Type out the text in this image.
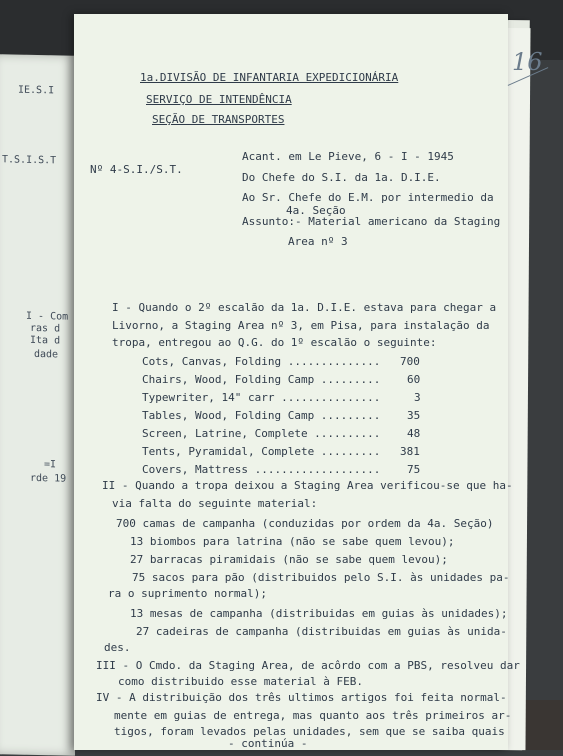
IE.S.I
T.S.I.S.T
I - Com
ras d
Ita d
dade
=I
rde 19
16
1a.DIVISÃO DE INFANTARIA EXPEDICIONÁRIA
SERVIÇO DE INTENDÊNCIA
SEÇÃO DE TRANSPORTES
Nº 4-S.I./S.T.
Acant. em Le Pieve, 6 - I - 1945
Do Chefe do S.I. da 1a. D.I.E.
Ao Sr. Chefe do E.M. por intermedio da
4a. Seção
Assunto:- Material americano da Staging
Area nº 3
I - Quando o 2º escalão da 1a. D.I.E. estava para chegar a
Livorno, a Staging Area nº 3, em Pisa, para instalação da
tropa, entregou ao Q.G. do 1º escalão o seguinte:
Cots, Canvas, Folding .............. 700
Chairs, Wood, Folding Camp ......... 60
Typewriter, 14" carr ...............	3
Tables, Wood, Folding Camp ......... 35
Screen, Latrine, Complete .......... 48
Tents, Pyramidal, Complete ......... 381
Covers, Mattress ................... 75
II - Quando a tropa deixou a Staging Area verificou-se que ha-
via falta do seguinte material:
700 camas de campanha (conduzidas por ordem da 4a. Seção)
13 biombos para latrina (não se sabe quem levou);
27 barracas piramidais (não se sabe quem levou);
75 sacos para pão (distribuidos pelo S.I. às unidades pa-
ra o suprimento normal);
13 mesas de campanha (distribuidas em guias às unidades);
27 cadeiras de campanha (distribuidas em guias às unida-
des.
III - O Cmdo. da Staging Area, de acôrdo com a PBS, resolveu dar
como distribuido esse material à FEB.
IV - A distribuição dos três ultimos artigos foi feita normal-
mente em guias de entrega, mas quanto aos três primeiros ar-
tigos, foram levados pelas unidades, sem que se saiba quais
- continúa -
